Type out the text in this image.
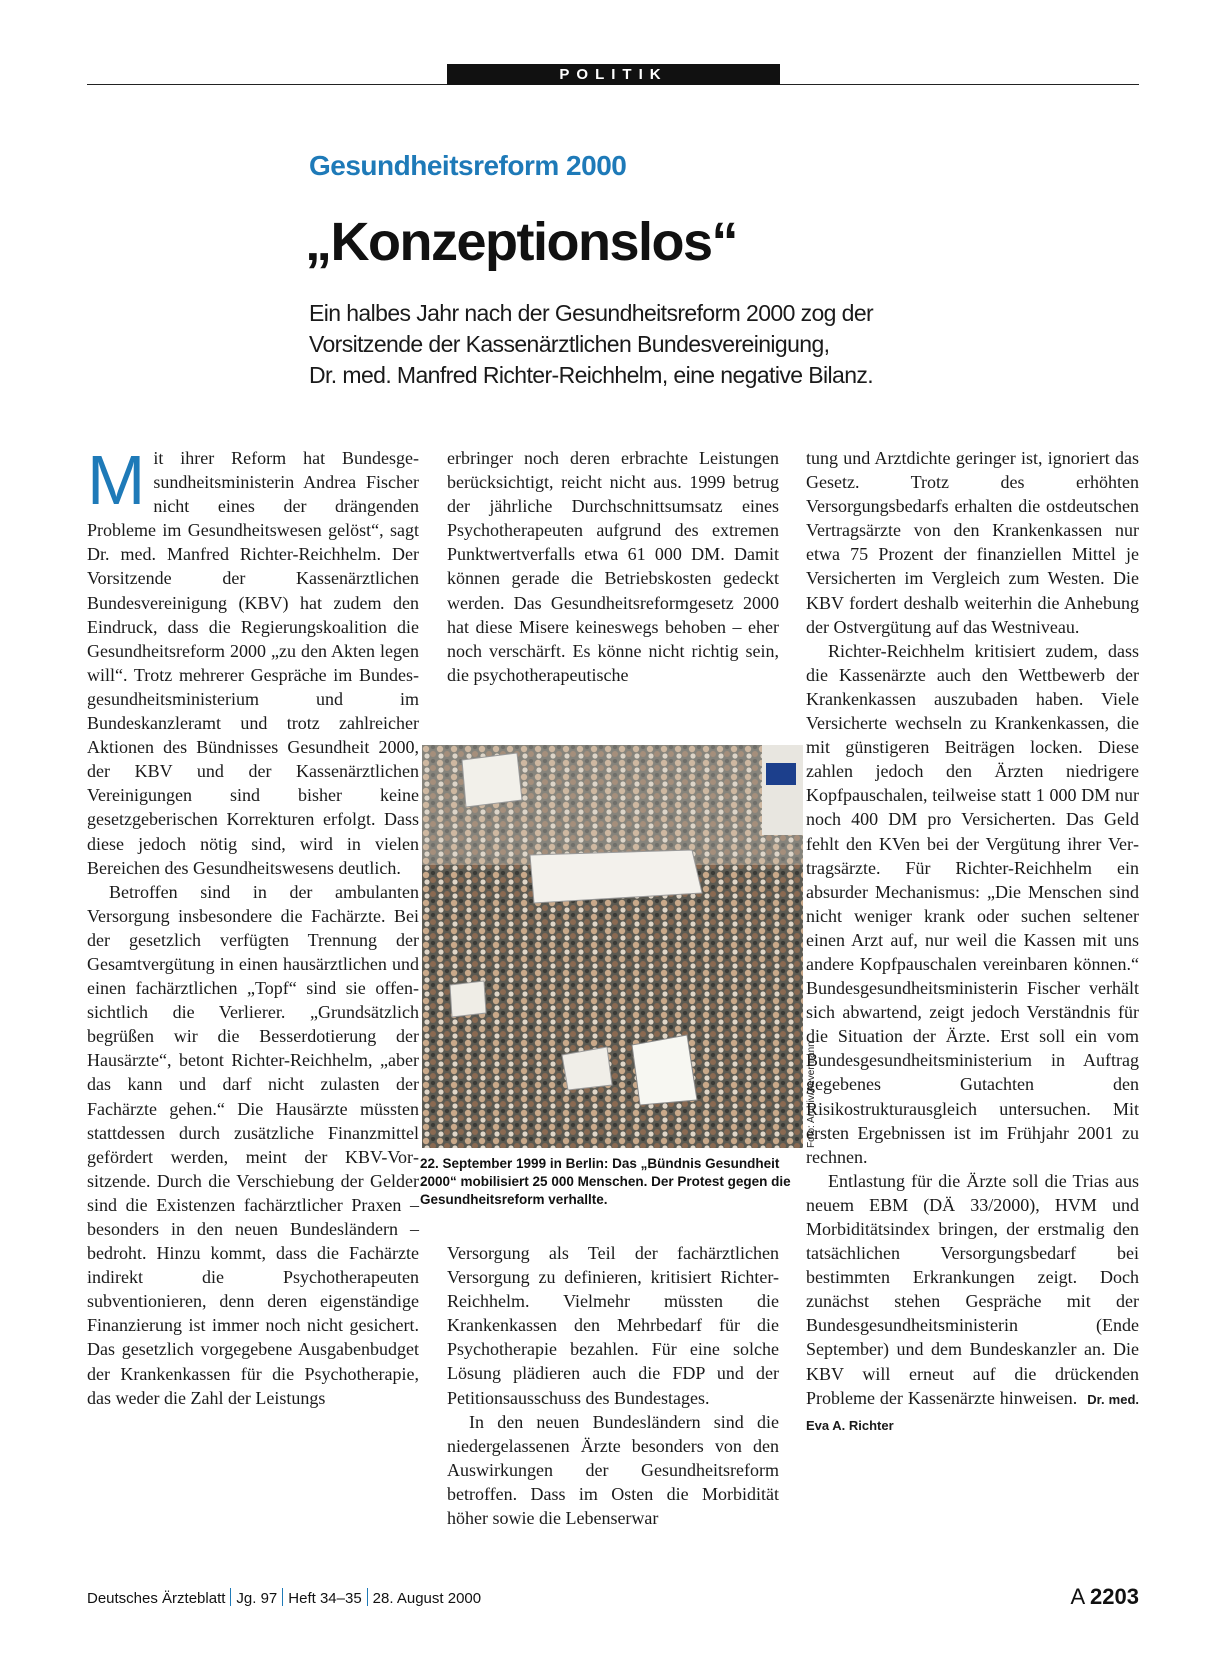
POLITIK
Gesundheitsreform 2000
„Konzeptionslos“
Ein halbes Jahr nach der Gesundheitsreform 2000 zog der
Vorsitzende der Kassenärztlichen Bundesvereinigung,
Dr. med. Manfred Richter-Reichhelm, eine negative Bilanz.

Mit ihrer Reform hat Bundesgesundheitsministerin Andrea Fischer nicht eines der drängenden Probleme im Gesundheitswesen gelöst“, sagt Dr. med. Manfred Richter-Reichhelm. Der Vorsitzende der Kassenärztlichen Bundesvereinigung (KBV) hat zudem den Eindruck, dass die Regierungskoalition die Gesundheitsreform 2000 „zu den Akten legen will“. Trotz mehrerer Gespräche im Bundesgesundheitsministerium und im Bundeskanzleramt und trotz zahlreicher Aktionen des Bündnisses Gesundheit 2000, der KBV und der Kassenärztlichen Vereinigungen sind bisher keine gesetzgeberischen Korrekturen erfolgt. Dass diese jedoch nötig sind, wird in vielen Bereichen des Gesundheitswesens deutlich.

Betroffen sind in der ambulanten Versorgung insbesondere die Fachärzte. Bei der gesetzlich verfügten Trennung der Gesamtvergütung in einen hausärztlichen und einen fachärztlichen „Topf“ sind sie offensichtlich die Verlierer. „Grundsätzlich begrüßen wir die Besserdotierung der Hausärzte“, betont Richter-Reichhelm, „aber das kann und darf nicht zulasten der Fachärzte gehen.“ Die Hausärzte müssten stattdessen durch zusätzliche Finanzmittel gefördert werden, meint der KBV-Vorsitzende. Durch die Verschiebung der Gelder sind die Existenzen fachärztlicher Praxen – besonders in den neuen Bundesländern – bedroht. Hinzu kommt, dass die Fachärzte indirekt die Psychotherapeuten subventionieren, denn deren eigenständige Finanzierung ist immer noch nicht gesichert. Das gesetzlich vorgegebene Ausgabenbudget der Krankenkassen für die Psychotherapie, das weder die Zahl der Leistungs

erbringer noch deren erbrachte Leistungen berücksichtigt, reicht nicht aus. 1999 betrug der jährliche Durchschnittsumsatz eines Psychotherapeuten aufgrund des extremen Punktwertverfalls etwa 61 000 DM. Damit können gerade die Betriebskosten gedeckt werden. Das Gesundheitsreformgesetz 2000 hat diese Misere keineswegs behoben – eher noch verschärft. Es könne nicht richtig sein, die psychotherapeutische

Foto: Archiv/Aevermann
22. September 1999 in Berlin: Das „Bündnis Gesundheit 2000“ mobilisiert 25 000 Menschen. Der Protest gegen die Gesundheitsreform verhallte.

Versorgung als Teil der fachärztlichen Versorgung zu definieren, kritisiert Richter-Reichhelm. Vielmehr müssten die Krankenkassen den Mehrbedarf für die Psychotherapie bezahlen. Für eine solche Lösung plädieren auch die FDP und der Petitionsausschuss des Bundestages.

In den neuen Bundesländern sind die niedergelassenen Ärzte besonders von den Auswirkungen der Gesundheitsreform betroffen. Dass im Osten die Morbidität höher sowie die Lebenserwar

tung und Arztdichte geringer ist, ignoriert das Gesetz. Trotz des erhöhten Versorgungsbedarfs erhalten die ostdeutschen Vertragsärzte von den Krankenkassen nur etwa 75 Prozent der finanziellen Mittel je Versicherten im Vergleich zum Westen. Die KBV fordert deshalb weiterhin die Anhebung der Ostvergütung auf das Westniveau.

Richter-Reichhelm kritisiert zudem, dass die Kassenärzte auch den Wettbewerb der Krankenkassen auszubaden haben. Viele Versicherte wechseln zu Krankenkassen, die mit günstigeren Beiträgen locken. Diese zahlen jedoch den Ärzten niedrigere Kopfpauschalen, teilweise statt 1 000 DM nur noch 400 DM pro Versicherten. Das Geld fehlt den KVen bei der Vergütung ihrer Vertragsärzte. Für Richter-Reichhelm ein absurder Mechanismus: „Die Menschen sind nicht weniger krank oder suchen seltener einen Arzt auf, nur weil die Kassen mit uns andere Kopfpauschalen vereinbaren können.“ Bundesgesundheitsministerin Fischer verhält sich abwartend, zeigt jedoch Verständnis für die Situation der Ärzte. Erst soll ein vom Bundesgesundheitsministerium in Auftrag gegebenes Gutachten den Risikostrukturausgleich untersuchen. Mit ersten Ergebnissen ist im Frühjahr 2001 zu rechnen.

Entlastung für die Ärzte soll die Trias aus neuem EBM (DÄ 33/2000), HVM und Morbiditätsindex bringen, der erstmalig den tatsächlichen Versorgungsbedarf bei bestimmten Erkrankungen zeigt. Doch zunächst stehen Gespräche mit der Bundesgesundheitsministerin (Ende September) und dem Bundeskanzler an. Die KBV will erneut auf die drückenden Probleme der Kassenärzte hinweisen. Dr. med. Eva A. Richter

Deutsches Ärzteblatt Jg. 97 Heft 34–35 28. August 2000	A 2203
